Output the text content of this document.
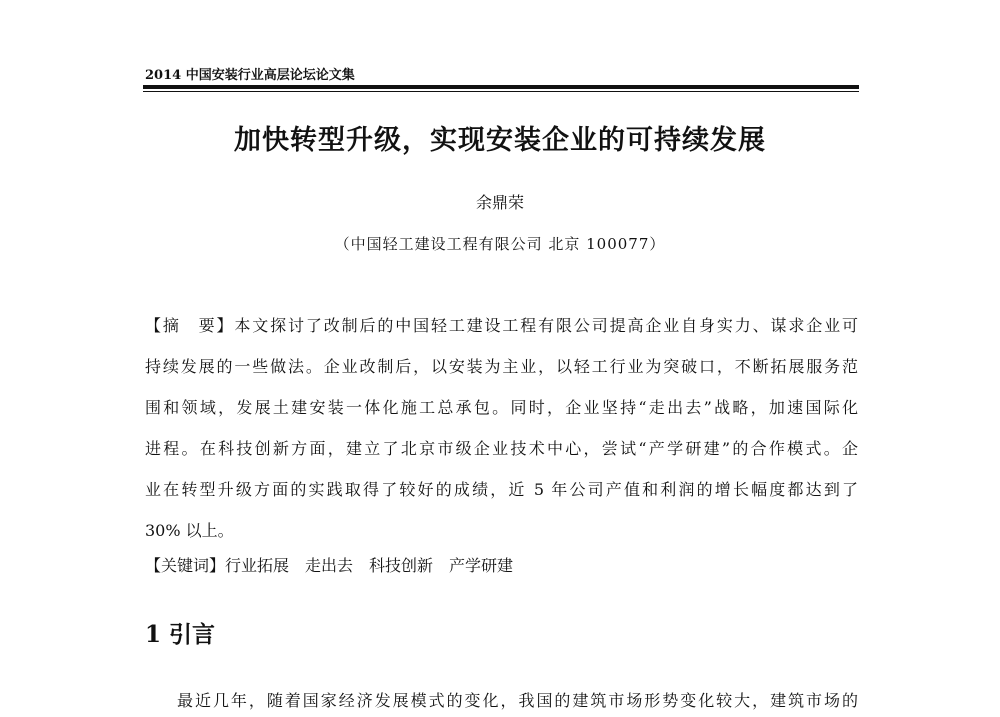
2014 中国安装行业高层论坛论文集
加快转型升级，实现安装企业的可持续发展
余鼎荣
（中国轻工建设工程有限公司 北京 100077）
【摘　要】本文探讨了改制后的中国轻工建设工程有限公司提高企业自身实力、谋求企业可
持续发展的一些做法。企业改制后，以安装为主业，以轻工行业为突破口，不断拓展服务范
围和领域，发展土建安装一体化施工总承包。同时，企业坚持“走出去”战略，加速国际化
进程。在科技创新方面，建立了北京市级企业技术中心，尝试“产学研建”的合作模式。企
业在转型升级方面的实践取得了较好的成绩，近 5 年公司产值和利润的增长幅度都达到了
30% 以上。
【关键词】行业拓展　走出去　科技创新　产学研建
1 引言
最近几年，随着国家经济发展模式的变化，我国的建筑市场形势变化较大，建筑市场的
